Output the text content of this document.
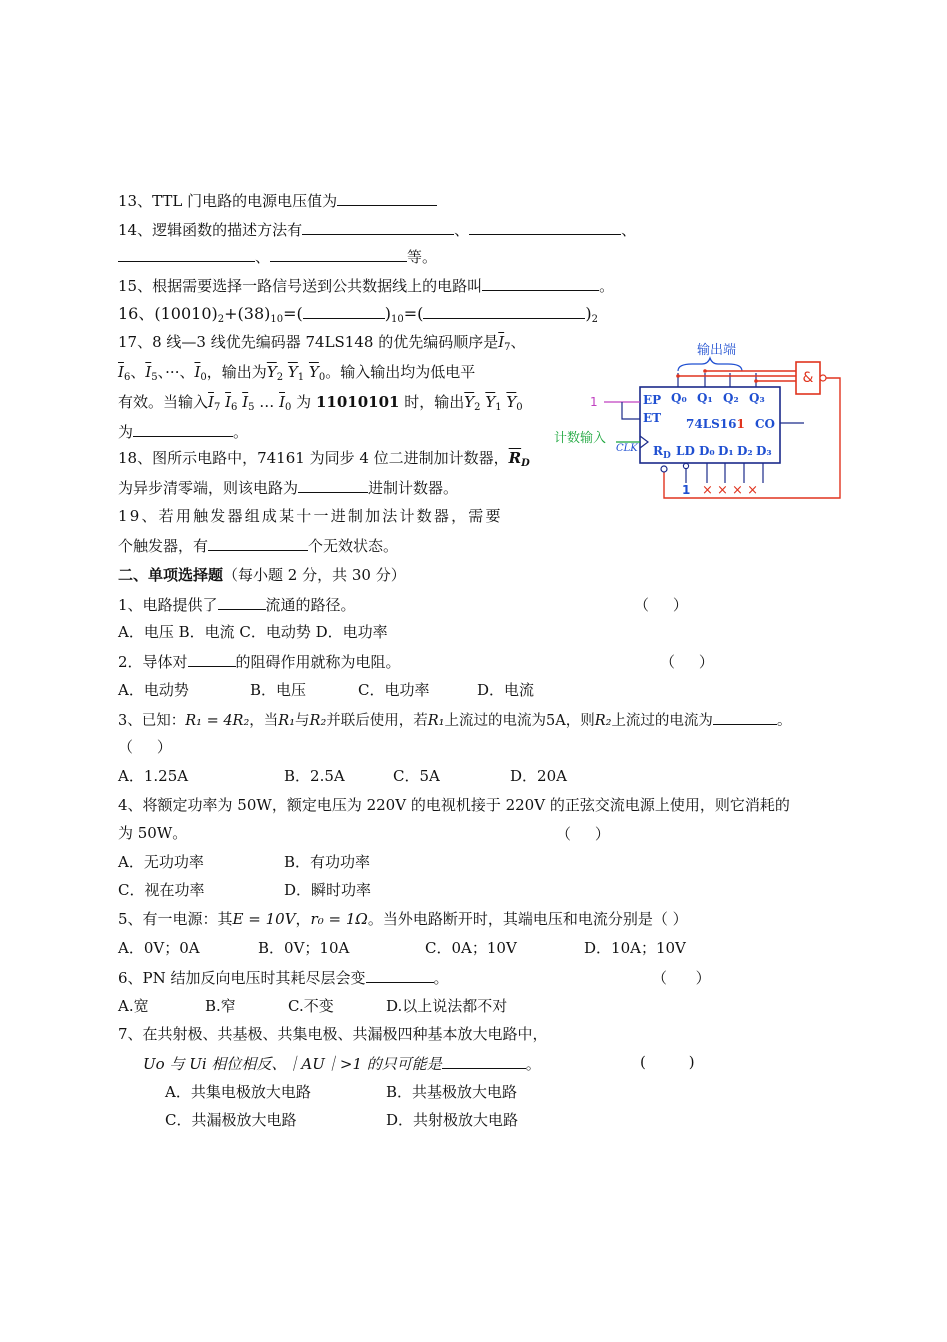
13、TTL 门电路的电源电压值为
14、逻辑函数的描述方法有	、	、
、	等。
15、根据需要选择一路信号送到公共数据线上的电路叫	。
16、$(10010)_2+(38)_{10}=$(	)$_{10}=$(	)$_2$
17、8 线—3 线优先编码器 74LS148 的优先编码顺序是$\overline{I}_7$、
$\overline{I}_6$、$\overline{I}_5$、···、$\overline{I}_0$，输出为$\overline{Y}_2$ $\overline{Y}_1$ $\overline{Y}_0$。输入输出均为低电平
有效。当输入$\overline{I}_7$ $\overline{I}_6$ $\overline{I}_5$ … $\overline{I}_0$ 为 11010101 时，输出$\overline{Y}_2$ $\overline{Y}_1$ $\overline{Y}_0$
为	。
18、图所示电路中，74161 为同步 4 位二进制加计数器，$\overline{R}_D$
为异步清零端，则该电路为	进制计数器。
19、若用触发器组成某十一进制加法计数器，需要
个触发器，有	个无效状态。
输出端
&
1	EP
ET
Q₀ Q₁ Q₂ Q₃
74LS161 CO
$R_D$ LD D₀ D₁ D₂ D₃
计数输入
CLK
1 × × × ×
二、单项选择题（每小题 2 分，共 30 分）
1、电路提供了	流通的路径。	（ ）
A．电压 B．电流 C．电动势 D．电功率
2．导体对	的阻碍作用就称为电阻。	（ ）
A．电动势	B．电压	C．电功率	D．电流
3、已知：R₁ = 4R₂，当R₁与R₂并联后使用，若R₁上流过的电流为5A，则R₂上流过的电流为	。
（ ）
A．1.25A	B．2.5A	C．5A	D．20A
4、将额定功率为 50W，额定电压为 220V 的电视机接于 220V 的正弦交流电源上使用，则它消耗的
为 50W。	（ ）
A．无功功率	B．有功功率
C．视在功率	D．瞬时功率
5、有一电源：其E = 10V，r₀ = 1Ω。当外电路断开时，其端电压和电流分别是（ ）
A．0V；0A	B．0V；10A	C．0A；10V	D．10A；10V
6、PN 结加反向电压时其耗尽层会变	。	（ ）
A.宽	B.窄	C.不变	D.以上说法都不对
7、在共射极、共基极、共集电极、共漏极四种基本放大电路中，
Uo 与 Ui 相位相反、｜AU｜>1 的只可能是	。	(	)
A．共集电极放大电路	B．共基极放大电路
C．共漏极放大电路	D．共射极放大电路
